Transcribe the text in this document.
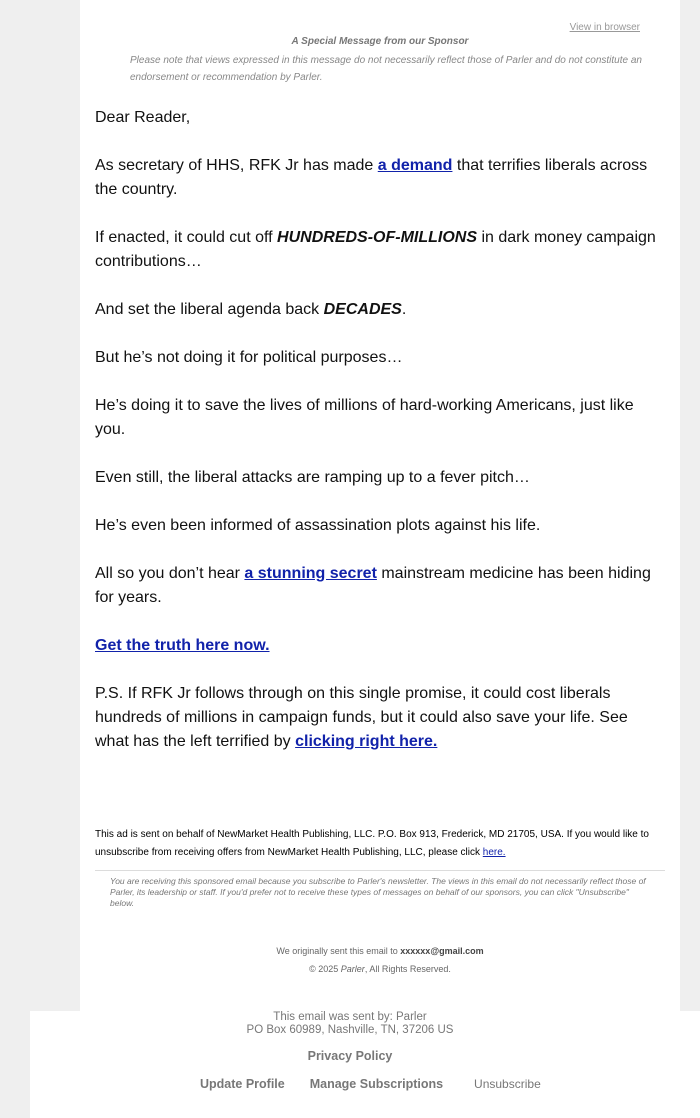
View in browser
A Special Message from our Sponsor
Please note that views expressed in this message do not necessarily reflect those of Parler and do not constitute an endorsement or recommendation by Parler.

Dear Reader,

As secretary of HHS, RFK Jr has made a demand that terrifies liberals across the country.

If enacted, it could cut off HUNDREDS-OF-MILLIONS in dark money campaign contributions…

And set the liberal agenda back DECADES.

But he’s not doing it for political purposes…

He’s doing it to save the lives of millions of hard-working Americans, just like you.

Even still, the liberal attacks are ramping up to a fever pitch…

He’s even been informed of assassination plots against his life.

All so you don’t hear a stunning secret mainstream medicine has been hiding for years.

Get the truth here now.

P.S. If RFK Jr follows through on this single promise, it could cost liberals hundreds of millions in campaign funds, but it could also save your life. See what has the left terrified by clicking right here.

This ad is sent on behalf of NewMarket Health Publishing, LLC. P.O. Box 913, Frederick, MD 21705, USA. If you would like to unsubscribe from receiving offers from NewMarket Health Publishing, LLC, please click here.
You are receiving this sponsored email because you subscribe to Parler's newsletter. The views in this email do not necessarily reflect those of Parler, its leadership or staff. If you'd prefer not to receive these types of messages on behalf of our sponsors, you can click "Unsubscribe" below.
We originally sent this email to xxxxxx@gmail.com
© 2025 Parler, All Rights Reserved.
This email was sent by: Parler
PO Box 60989, Nashville, TN, 37206 US
Privacy Policy
Update Profile Manage Subscriptions	Unsubscribe
